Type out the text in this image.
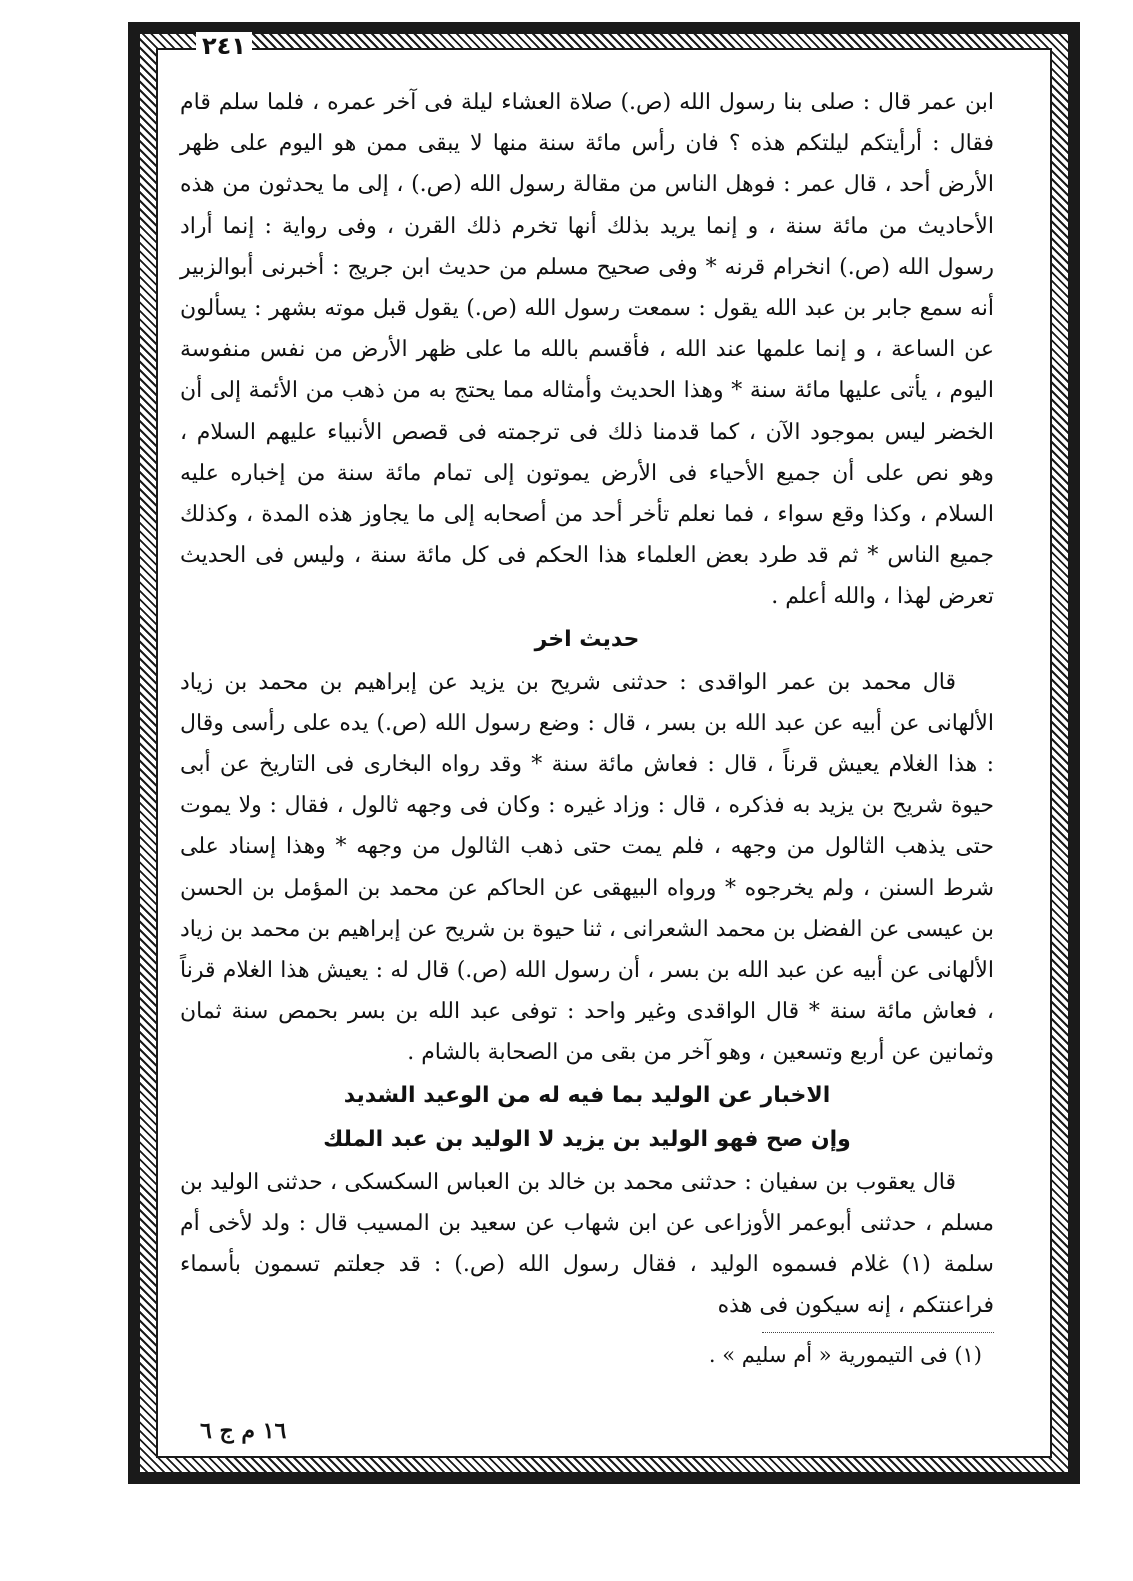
٢٤١

ابن عمر قال : صلى بنا رسول الله (ص.) صلاة العشاء ليلة فى آخر عمره ، فلما سلم قام فقال : أرأيتكم ليلتكم هذه ؟ فان رأس مائة سنة منها لا يبقى ممن هو اليوم على ظهر الأرض أحد ، قال عمر : فوهل الناس من مقالة رسول الله (ص.) ، إلى ما يحدثون من هذه الأحاديث من مائة سنة ، و إنما يريد بذلك أنها تخرم ذلك القرن ، وفى رواية : إنما أراد رسول الله (ص.) انخرام قرنه * وفى صحيح مسلم من حديث ابن جريج : أخبرنى أبوالزبير أنه سمع جابر بن عبد الله يقول : سمعت رسول الله (ص.) يقول قبل موته بشهر : يسألون عن الساعة ، و إنما علمها عند الله ، فأقسم بالله ما على ظهر الأرض من نفس منفوسة اليوم ، يأتى عليها مائة سنة * وهذا الحديث وأمثاله مما يحتج به من ذهب من الأئمة إلى أن الخضر ليس بموجود الآن ، كما قدمنا ذلك فى ترجمته فى قصص الأنبياء عليهم السلام ، وهو نص على أن جميع الأحياء فى الأرض يموتون إلى تمام مائة سنة من إخباره عليه السلام ، وكذا وقع سواء ، فما نعلم تأخر أحد من أصحابه إلى ما يجاوز هذه المدة ، وكذلك جميع الناس * ثم قد طرد بعض العلماء هذا الحكم فى كل مائة سنة ، وليس فى الحديث تعرض لهذا ، والله أعلم .

حديث اخر

قال محمد بن عمر الواقدى : حدثنى شريح بن يزيد عن إبراهيم بن محمد بن زياد الألهانى عن أبيه عن عبد الله بن بسر ، قال : وضع رسول الله (ص.) يده على رأسى وقال : هذا الغلام يعيش قرناً ، قال : فعاش مائة سنة * وقد رواه البخارى فى التاريخ عن أبى حيوة شريح بن يزيد به فذكره ، قال : وزاد غيره : وكان فى وجهه ثالول ، فقال : ولا يموت حتى يذهب الثالول من وجهه ، فلم يمت حتى ذهب الثالول من وجهه * وهذا إسناد على شرط السنن ، ولم يخرجوه * ورواه البيهقى عن الحاكم عن محمد بن المؤمل بن الحسن بن عيسى عن الفضل بن محمد الشعرانى ، ثنا حيوة بن شريح عن إبراهيم بن محمد بن زياد الألهانى عن أبيه عن عبد الله بن بسر ، أن رسول الله (ص.) قال له : يعيش هذا الغلام قرناً ، فعاش مائة سنة * قال الواقدى وغير واحد : توفى عبد الله بن بسر بحمص سنة ثمان وثمانين عن أربع وتسعين ، وهو آخر من بقى من الصحابة بالشام .

الاخبار عن الوليد بما فيه له من الوعيد الشديد
وإن صح فهو الوليد بن يزيد لا الوليد بن عبد الملك

قال يعقوب بن سفيان : حدثنى محمد بن خالد بن العباس السكسكى ، حدثنى الوليد بن مسلم ، حدثنى أبوعمر الأوزاعى عن ابن شهاب عن سعيد بن المسيب قال : ولد لأخى أم سلمة (١) غلام فسموه الوليد ، فقال رسول الله (ص.) : قد جعلتم تسمون بأسماء فراعنتكم ، إنه سيكون فى هذه

(١) فى التيمورية « أم سليم » .

١٦ م ج ٦
